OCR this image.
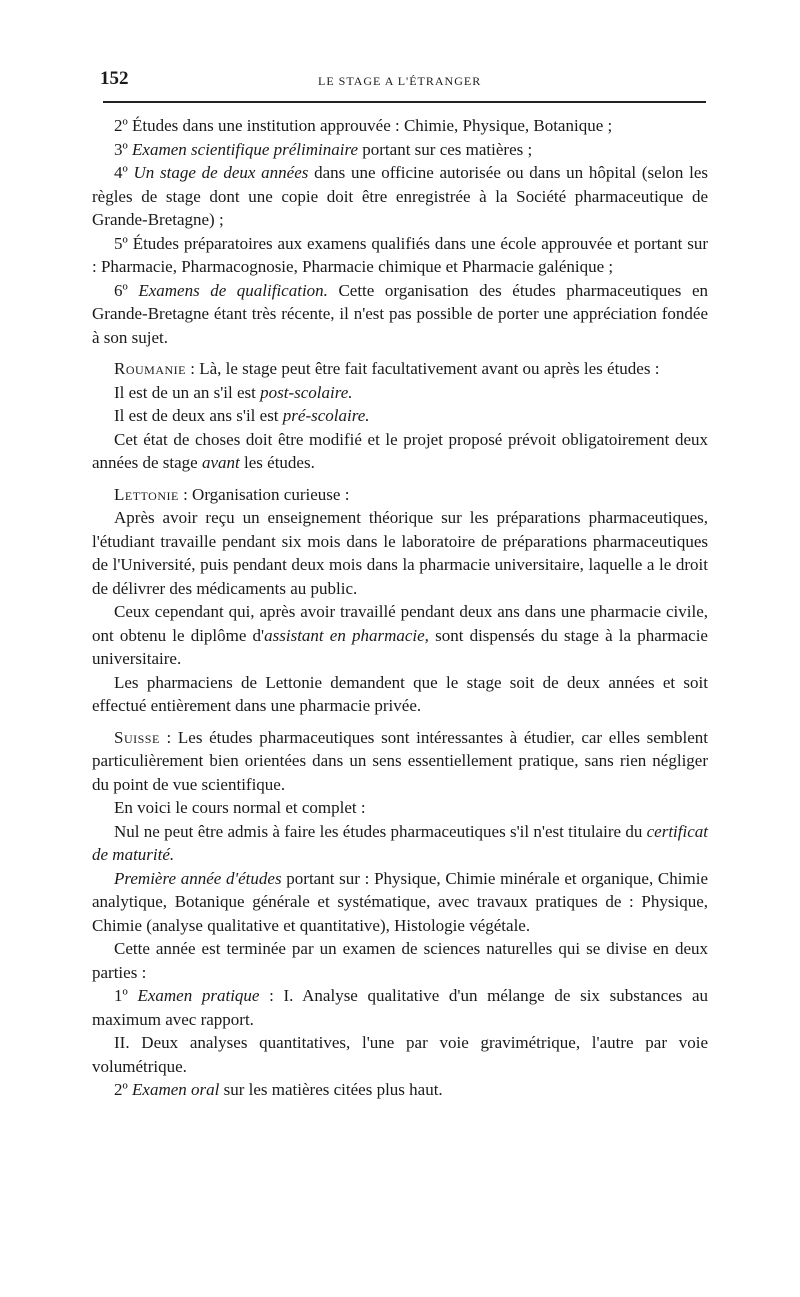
152	LE STAGE A L'ÉTRANGER

2º Études dans une institution approuvée : Chimie, Physique, Botanique ;

3º Examen scientifique préliminaire portant sur ces matières ;

4º Un stage de deux années dans une officine autorisée ou dans un hôpital (selon les règles de stage dont une copie doit être enregistrée à la Société pharmaceutique de Grande-Bretagne) ;

5º Études préparatoires aux examens qualifiés dans une école approuvée et portant sur : Pharmacie, Pharmacognosie, Pharmacie chimique et Pharmacie galénique ;

6º Examens de qualification. Cette organisation des études pharmaceutiques en Grande-Bretagne étant très récente, il n'est pas possible de porter une appréciation fondée à son sujet.

Roumanie : Là, le stage peut être fait facultativement avant ou après les études :

Il est de un an s'il est post-scolaire.

Il est de deux ans s'il est pré-scolaire.

Cet état de choses doit être modifié et le projet proposé prévoit obligatoirement deux années de stage avant les études.

Lettonie : Organisation curieuse :

Après avoir reçu un enseignement théorique sur les préparations pharmaceutiques, l'étudiant travaille pendant six mois dans le laboratoire de préparations pharmaceutiques de l'Université, puis pendant deux mois dans la pharmacie universitaire, laquelle a le droit de délivrer des médicaments au public.

Ceux cependant qui, après avoir travaillé pendant deux ans dans une pharmacie civile, ont obtenu le diplôme d'assistant en pharmacie, sont dispensés du stage à la pharmacie universitaire.

Les pharmaciens de Lettonie demandent que le stage soit de deux années et soit effectué entièrement dans une pharmacie privée.

Suisse : Les études pharmaceutiques sont intéressantes à étudier, car elles semblent particulièrement bien orientées dans un sens essentiellement pratique, sans rien négliger du point de vue scientifique.

En voici le cours normal et complet :

Nul ne peut être admis à faire les études pharmaceutiques s'il n'est titulaire du certificat de maturité.

Première année d'études portant sur : Physique, Chimie minérale et organique, Chimie analytique, Botanique générale et systématique, avec travaux pratiques de : Physique, Chimie (analyse qualitative et quantitative), Histologie végétale.

Cette année est terminée par un examen de sciences naturelles qui se divise en deux parties :

1º Examen pratique : I. Analyse qualitative d'un mélange de six substances au maximum avec rapport.

II. Deux analyses quantitatives, l'une par voie gravimétrique, l'autre par voie volumétrique.

2º Examen oral sur les matières citées plus haut.
